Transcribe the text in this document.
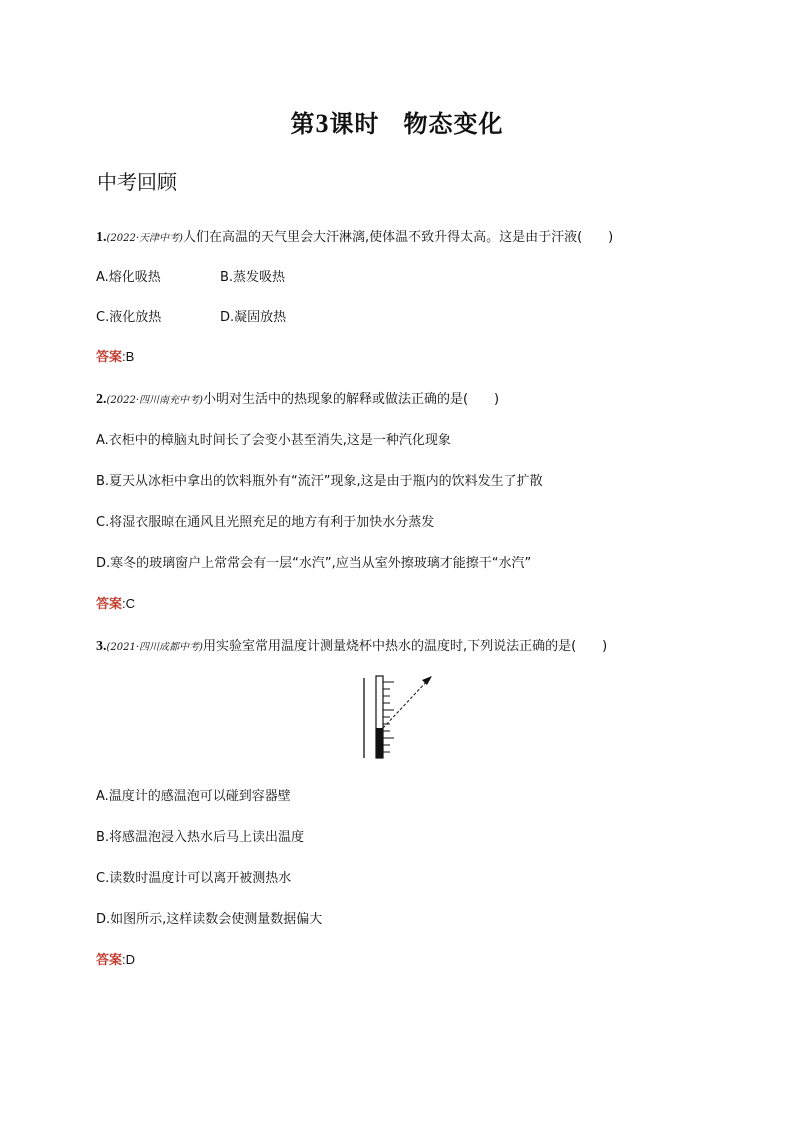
第3课时 物态变化
中考回顾
1.(2022·天津中考)人们在高温的天气里会大汗淋漓,使体温不致升得太高。这是由于汗液(　　)
A.熔化吸热	B.蒸发吸热
C.液化放热	D.凝固放热
答案:B
2.(2022·四川南充中考)小明对生活中的热现象的解释或做法正确的是(　　)
A.衣柜中的樟脑丸时间长了会变小甚至消失,这是一种汽化现象
B.夏天从冰柜中拿出的饮料瓶外有“流汗”现象,这是由于瓶内的饮料发生了扩散
C.将湿衣服晾在通风且光照充足的地方有利于加快水分蒸发
D.寒冬的玻璃窗户上常常会有一层“水汽”,应当从室外擦玻璃才能擦干“水汽”
答案:C
3.(2021·四川成都中考)用实验室常用温度计测量烧杯中热水的温度时,下列说法正确的是(　　)
A.温度计的感温泡可以碰到容器壁
B.将感温泡浸入热水后马上读出温度
C.读数时温度计可以离开被测热水
D.如图所示,这样读数会使测量数据偏大
答案:D
